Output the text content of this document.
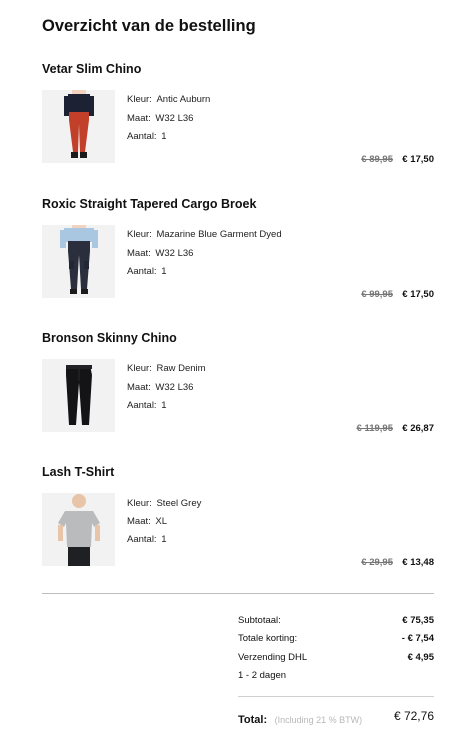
Overzicht van de bestelling
Vetar Slim Chino
Kleur: Antic Auburn
Maat: W32 L36
Aantal: 1
€ 89,95 € 17,50
Roxic Straight Tapered Cargo Broek
Kleur: Mazarine Blue Garment Dyed
Maat: W32 L36
Aantal: 1
€ 99,95 € 17,50
Bronson Skinny Chino
Kleur: Raw Denim
Maat: W32 L36
Aantal: 1
€ 119,95 € 26,87
Lash T-Shirt
Kleur: Steel Grey
Maat: XL
Aantal: 1
€ 29,95 € 13,48
Subtotaal:	€ 75,35
Totale korting:	- € 7,54
Verzending DHL	€ 4,95
1 - 2 dagen
Total: (Including 21 % BTW)	€ 72,76
